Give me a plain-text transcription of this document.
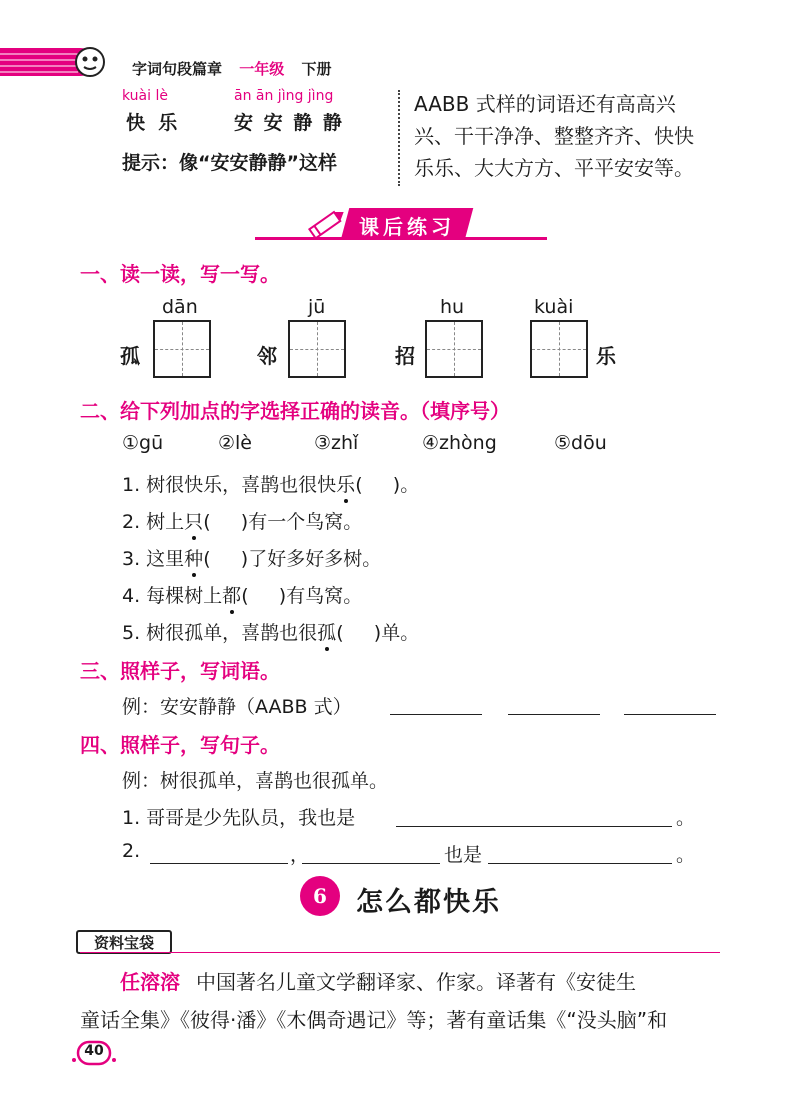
字词句段篇章 一年级 下册
kuài lè
快  乐
ān ān jìng jìng
安 安 静 静
提示：像“安安静静”这样
AABB 式样的词语还有高高兴
兴、干干净净、整整齐齐、快快
乐乐、大大方方、平平安安等。
课后练习
一、读一读，写一写。
dān
孤
jū
邻
hu
招
kuài
乐
二、给下列加点的字选择正确的读音。（填序号）
①gū	②lè	③zhǐ	④zhòng	⑤dōu
1. 树很快乐，喜鹊也很快乐(     )。
2. 树上只(     )有一个鸟窝。
3. 这里种(     )了好多好多树。
4. 每棵树上都(     )有鸟窝。
5. 树很孤单，喜鹊也很孤(     )单。
三、照样子，写词语。
例：安安静静（AABB 式）
四、照样子，写句子。
例：树很孤单，喜鹊也很孤单。
1. 哥哥是少先队员，我也是	。
2.	，	也是	。
6	怎么都快乐
资料宝袋
任溶溶 中国著名儿童文学翻译家、作家。译著有《安徒生
童话全集》《彼得·潘》《木偶奇遇记》等；著有童话集《“没头脑”和
40
